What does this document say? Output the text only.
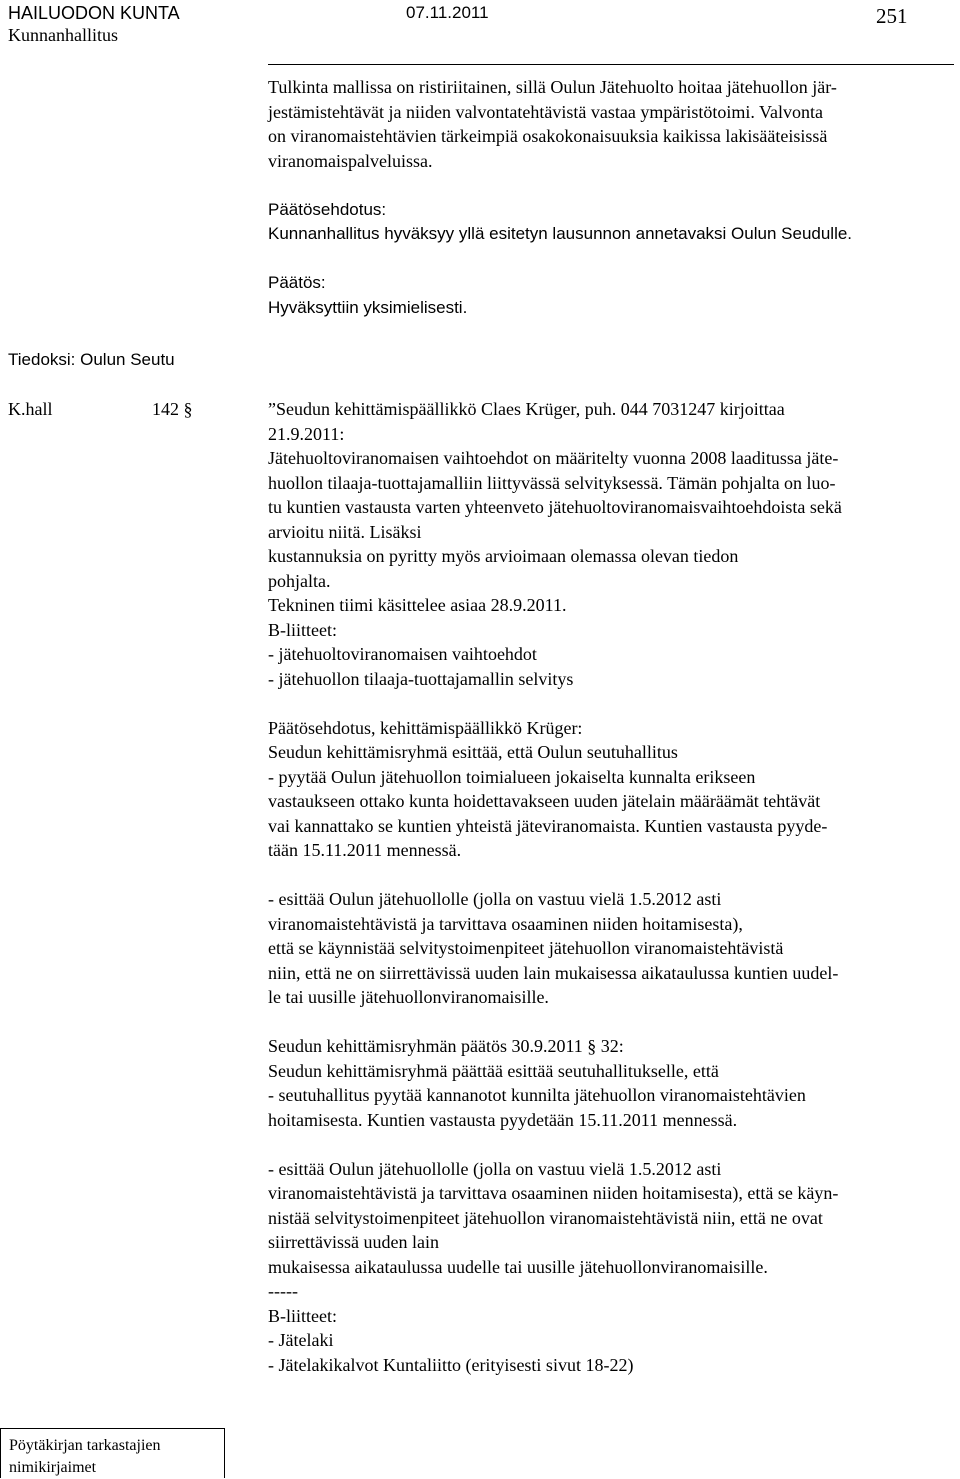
HAILUODON KUNTA	07.11.2011	251
Kunnanhallitus
Tulkinta mallissa on ristiriitainen, sillä Oulun Jätehuolto hoitaa jätehuollon jär-
jestämistehtävät ja niiden valvontatehtävistä vastaa ympäristötoimi. Valvonta
on viranomaistehtävien tärkeimpiä osakokonaisuuksia kaikissa lakisääteisissä
viranomaispalveluissa.
Päätösehdotus:
Kunnanhallitus hyväksyy yllä esitetyn lausunnon annetavaksi Oulun Seudulle.
Päätös:
Hyväksyttiin yksimielisesti.
Tiedoksi: Oulun Seutu
K.hall	142 §	”Seudun kehittämispäällikkö Claes Krüger, puh. 044 7031247 kirjoittaa
21.9.2011:
Jätehuoltoviranomaisen vaihtoehdot on määritelty vuonna 2008 laaditussa jäte-
huollon tilaaja-tuottajamalliin liittyvässä selvityksessä. Tämän pohjalta on luo-
tu kuntien vastausta varten yhteenveto jätehuoltoviranomaisvaihtoehdoista sekä
arvioitu niitä. Lisäksi
kustannuksia on pyritty myös arvioimaan olemassa olevan tiedon
pohjalta.
Tekninen tiimi käsittelee asiaa 28.9.2011.
B-liitteet:
- jätehuoltoviranomaisen vaihtoehdot
- jätehuollon tilaaja-tuottajamallin selvitys
Päätösehdotus, kehittämispäällikkö Krüger:
Seudun kehittämisryhmä esittää, että Oulun seutuhallitus
- pyytää Oulun jätehuollon toimialueen jokaiselta kunnalta erikseen
vastaukseen ottako kunta hoidettavakseen uuden jätelain määräämät tehtävät
vai kannattako se kuntien yhteistä jäteviranomaista. Kuntien vastausta pyyde-
tään 15.11.2011 mennessä.
- esittää Oulun jätehuollolle (jolla on vastuu vielä 1.5.2012 asti
viranomaistehtävistä ja tarvittava osaaminen niiden hoitamisesta),
että se käynnistää selvitystoimenpiteet jätehuollon viranomaistehtävistä
niin, että ne on siirrettävissä uuden lain mukaisessa aikataulussa kuntien uudel-
le tai uusille jätehuollonviranomaisille.
Seudun kehittämisryhmän päätös 30.9.2011 § 32:
Seudun kehittämisryhmä päättää esittää seutuhallitukselle, että
- seutuhallitus pyytää kannanotot kunnilta jätehuollon viranomaistehtävien
hoitamisesta. Kuntien vastausta pyydetään 15.11.2011 mennessä.
- esittää Oulun jätehuollolle (jolla on vastuu vielä 1.5.2012 asti
viranomaistehtävistä ja tarvittava osaaminen niiden hoitamisesta), että se käyn-
nistää selvitystoimenpiteet jätehuollon viranomaistehtävistä niin, että ne ovat
siirrettävissä uuden lain
mukaisessa aikataulussa uudelle tai uusille jätehuollonviranomaisille.
-----
B-liitteet:
- Jätelaki
- Jätelakikalvot Kuntaliitto (erityisesti sivut 18-22)
Pöytäkirjan tarkastajien
nimikirjaimet
